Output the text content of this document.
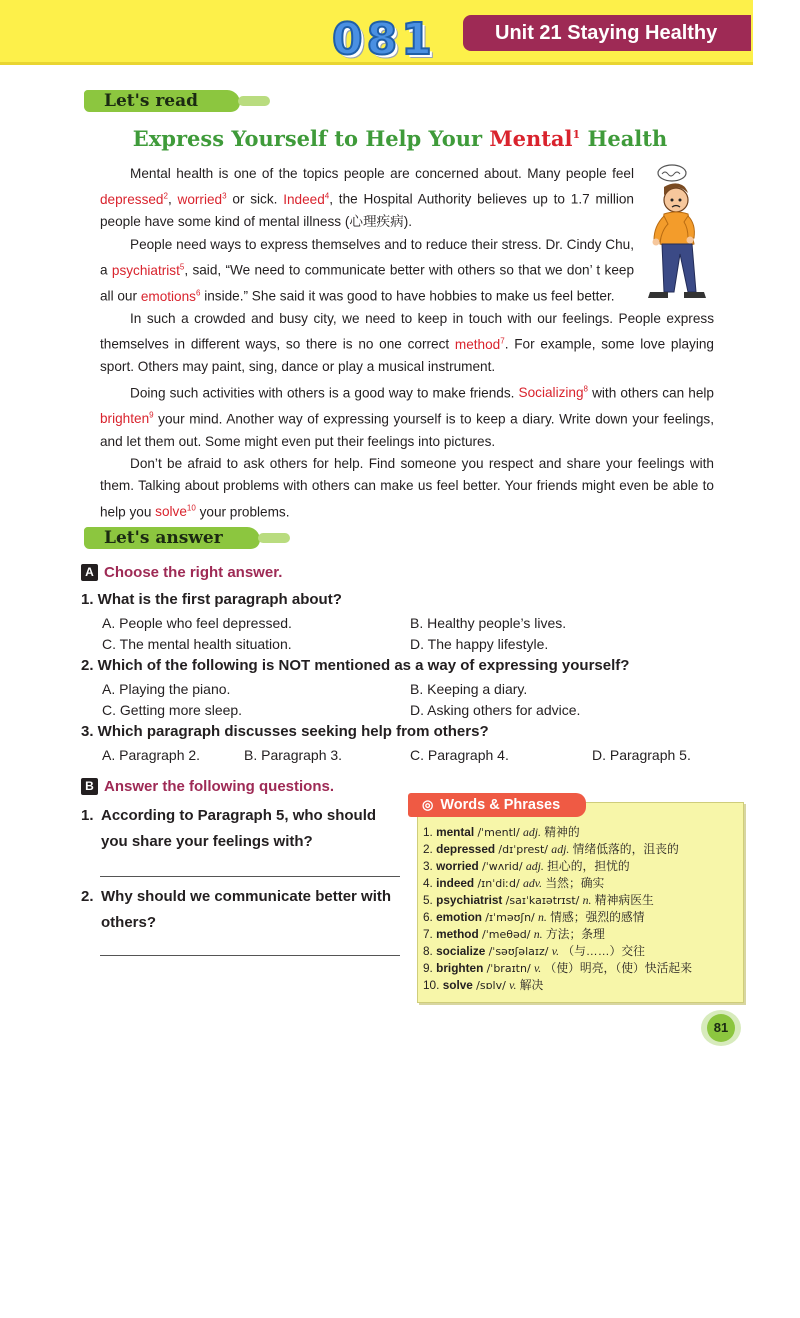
081	Unit 21 Staying Healthy
Let's read
Express Yourself to Help Your Mental$^1$ Health

Mental health is one of the topics people are concerned about. Many people feel depressed$^2$, worried$^3$ or sick. Indeed$^4$, the Hospital Authority believes up to 1.7 million people have some kind of mental illness (心理疾病).

People need ways to express themselves and to reduce their stress. Dr. Cindy Chu, a psychiatrist$^5$, said, “We need to communicate better with others so that we don’ t keep all our emotions$^6$ inside.” She said it was good to have hobbies to make us feel better.

In such a crowded and busy city, we need to keep in touch with our feelings. People express themselves in different ways, so there is no one correct method$^7$. For example, some love playing sport. Others may paint, sing, dance or play a musical instrument.

Doing such activities with others is a good way to make friends. Socializing$^8$ with others can help brighten$^9$ your mind. Another way of expressing yourself is to keep a diary. Write down your feelings, and let them out. Some might even put their feelings into pictures.

Don’t be afraid to ask others for help. Find someone you respect and share your feelings with them. Talking about problems with others can make us feel better. Your friends might even be able to help you solve$^{10}$ your problems.

Let's answer
A Choose the right answer.
1. What is the first paragraph about?
A. People who feel depressed.	B. Healthy people’s lives.
C. The mental health situation.	D. The happy lifestyle.
2. Which of the following is NOT mentioned as a way of expressing yourself?
A. Playing the piano.	B. Keeping a diary.
C. Getting more sleep.	D. Asking others for advice.
3. Which paragraph discusses seeking help from others?
A. Paragraph 2.	B. Paragraph 3.	C. Paragraph 4.	D. Paragraph 5.
B Answer the following questions.
1. According to Paragraph 5, who should you share your feelings with?
2. Why should we communicate better with others?
◎ Words & Phrases
1. mental /ˈmentl/ adj. 精神的
2. depressed /dɪˈprest/ adj. 情绪低落的，沮丧的
3. worried /ˈwʌrid/ adj. 担心的，担忧的
4. indeed /ɪnˈdiːd/ adv. 当然；确实
5. psychiatrist /saɪˈkaɪətrɪst/ n. 精神病医生
6. emotion /ɪˈməʊʃn/ n. 情感；强烈的感情
7. method /ˈmeθəd/ n. 方法；条理
8. socialize /ˈsəʊʃəlaɪz/ v. （与……）交往
9. brighten /ˈbraɪtn/ v. （使）明亮，（使）快活起来
10. solve /sɒlv/ v. 解决
81
